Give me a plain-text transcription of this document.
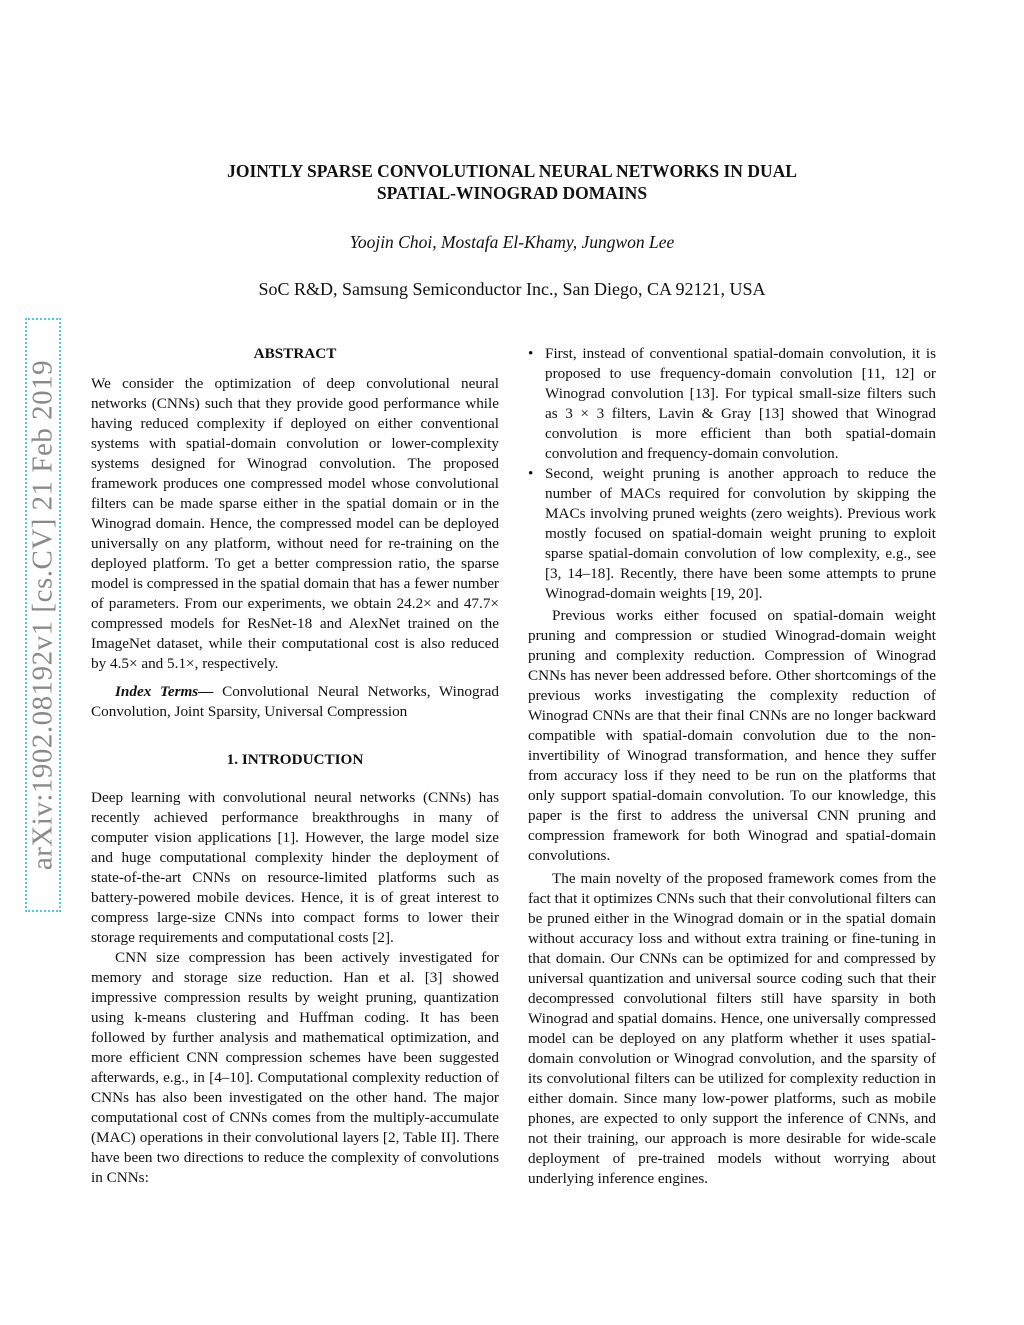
arXiv:1902.08192v1 [cs.CV] 21 Feb 2019
JOINTLY SPARSE CONVOLUTIONAL NEURAL NETWORKS IN DUAL
SPATIAL-WINOGRAD DOMAINS

Yoojin Choi, Mostafa El-Khamy, Jungwon Lee

SoC R&D, Samsung Semiconductor Inc., San Diego, CA 92121, USA

ABSTRACT

We consider the optimization of deep convolutional neural networks (CNNs) such that they provide good performance while having reduced complexity if deployed on either conventional systems with spatial-domain convolution or lower-complexity systems designed for Winograd convolution. The proposed framework produces one compressed model whose convolutional filters can be made sparse either in the spatial domain or in the Winograd domain. Hence, the compressed model can be deployed universally on any platform, without need for re-training on the deployed platform. To get a better compression ratio, the sparse model is compressed in the spatial domain that has a fewer number of parameters. From our experiments, we obtain 24.2× and 47.7× compressed models for ResNet-18 and AlexNet trained on the ImageNet dataset, while their computational cost is also reduced by 4.5× and 5.1×, respectively.

Index Terms— Convolutional Neural Networks, Winograd Convolution, Joint Sparsity, Universal Compression

1. INTRODUCTION

Deep learning with convolutional neural networks (CNNs) has recently achieved performance breakthroughs in many of computer vision applications [1]. However, the large model size and huge computational complexity hinder the deployment of state-of-the-art CNNs on resource-limited platforms such as battery-powered mobile devices. Hence, it is of great interest to compress large-size CNNs into compact forms to lower their storage requirements and computational costs [2].

CNN size compression has been actively investigated for memory and storage size reduction. Han et al. [3] showed impressive compression results by weight pruning, quantization using k-means clustering and Huffman coding. It has been followed by further analysis and mathematical optimization, and more efficient CNN compression schemes have been suggested afterwards, e.g., in [4–10]. Computational complexity reduction of CNNs has also been investigated on the other hand. The major computational cost of CNNs comes from the multiply-accumulate (MAC) operations in their convolutional layers [2, Table II]. There have been two directions to reduce the complexity of convolutions in CNNs:

• First, instead of conventional spatial-domain convolution, it is proposed to use frequency-domain convolution [11, 12] or Winograd convolution [13]. For typical small-size filters such as 3 × 3 filters, Lavin & Gray [13] showed that Winograd convolution is more efficient than both spatial-domain convolution and frequency-domain convolution.
• Second, weight pruning is another approach to reduce the number of MACs required for convolution by skipping the MACs involving pruned weights (zero weights). Previous work mostly focused on spatial-domain weight pruning to exploit sparse spatial-domain convolution of low complexity, e.g., see [3, 14–18]. Recently, there have been some attempts to prune Winograd-domain weights [19, 20].

Previous works either focused on spatial-domain weight pruning and compression or studied Winograd-domain weight pruning and complexity reduction. Compression of Winograd CNNs has never been addressed before. Other shortcomings of the previous works investigating the complexity reduction of Winograd CNNs are that their final CNNs are no longer backward compatible with spatial-domain convolution due to the non-invertibility of Winograd transformation, and hence they suffer from accuracy loss if they need to be run on the platforms that only support spatial-domain convolution. To our knowledge, this paper is the first to address the universal CNN pruning and compression framework for both Winograd and spatial-domain convolutions.

The main novelty of the proposed framework comes from the fact that it optimizes CNNs such that their convolutional filters can be pruned either in the Winograd domain or in the spatial domain without accuracy loss and without extra training or fine-tuning in that domain. Our CNNs can be optimized for and compressed by universal quantization and universal source coding such that their decompressed convolutional filters still have sparsity in both Winograd and spatial domains. Hence, one universally compressed model can be deployed on any platform whether it uses spatial-domain convolution or Winograd convolution, and the sparsity of its convolutional filters can be utilized for complexity reduction in either domain. Since many low-power platforms, such as mobile phones, are expected to only support the inference of CNNs, and not their training, our approach is more desirable for wide-scale deployment of pre-trained models without worrying about underlying inference engines.
